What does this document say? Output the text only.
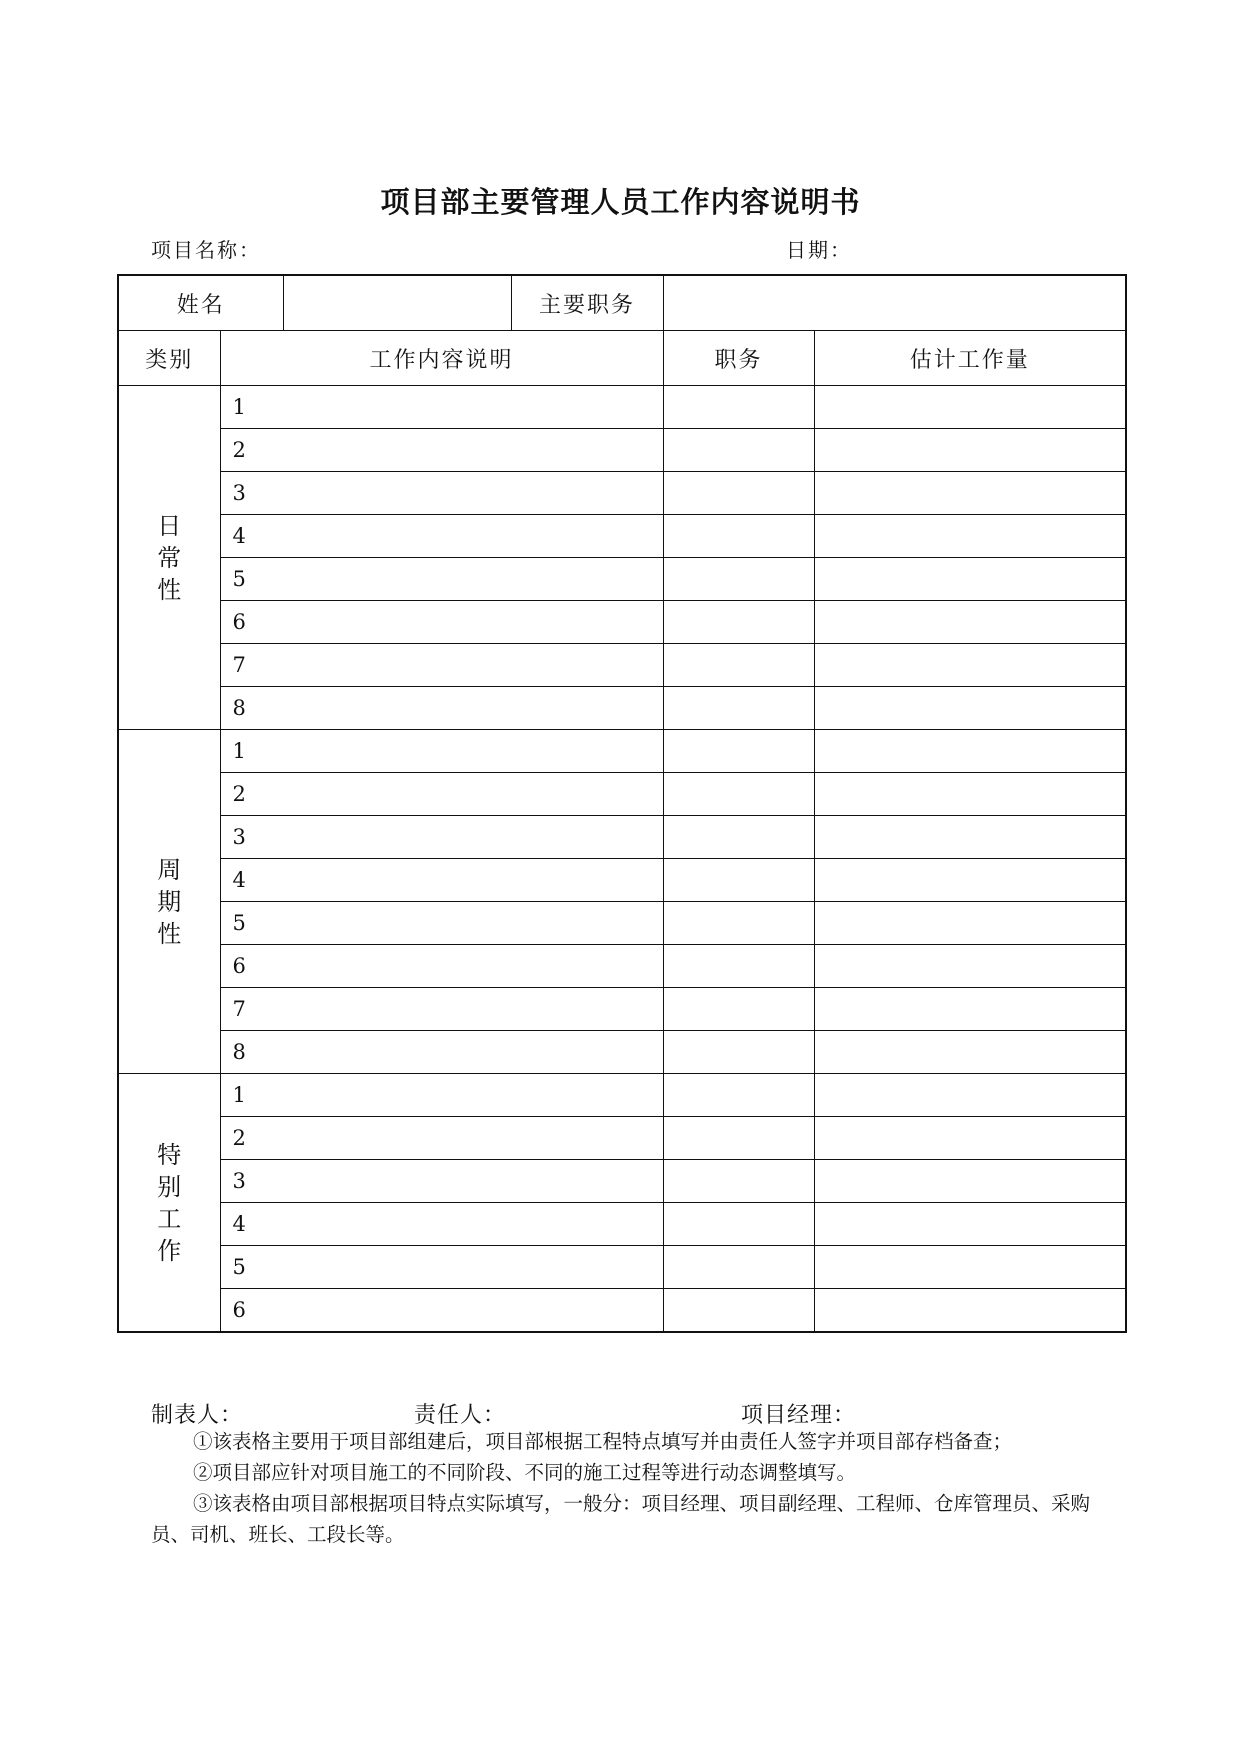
项目部主要管理人员工作内容说明书
项目名称：	日期：
姓名			主要职务		
类别	工作内容说明			职务	估计工作量

日
常
性	1				
	2				
	3				
	4				
	5				
	6				
	7				
	8				

周
期
性	1				
	2				
	3				
	4				
	5				
	6				
	7				
	8				

特
别
工
作	1				
	2				
	3				
	4				
	5				
	6				
制表人：	责任人：	项目经理：

①该表格主要用于项目部组建后，项目部根据工程特点填写并由责任人签字并项目部存档备查；

②项目部应针对项目施工的不同阶段、不同的施工过程等进行动态调整填写。

③该表格由项目部根据项目特点实际填写，一般分：项目经理、项目副经理、工程师、仓库管理员、采购员、司机、班长、工段长等。
